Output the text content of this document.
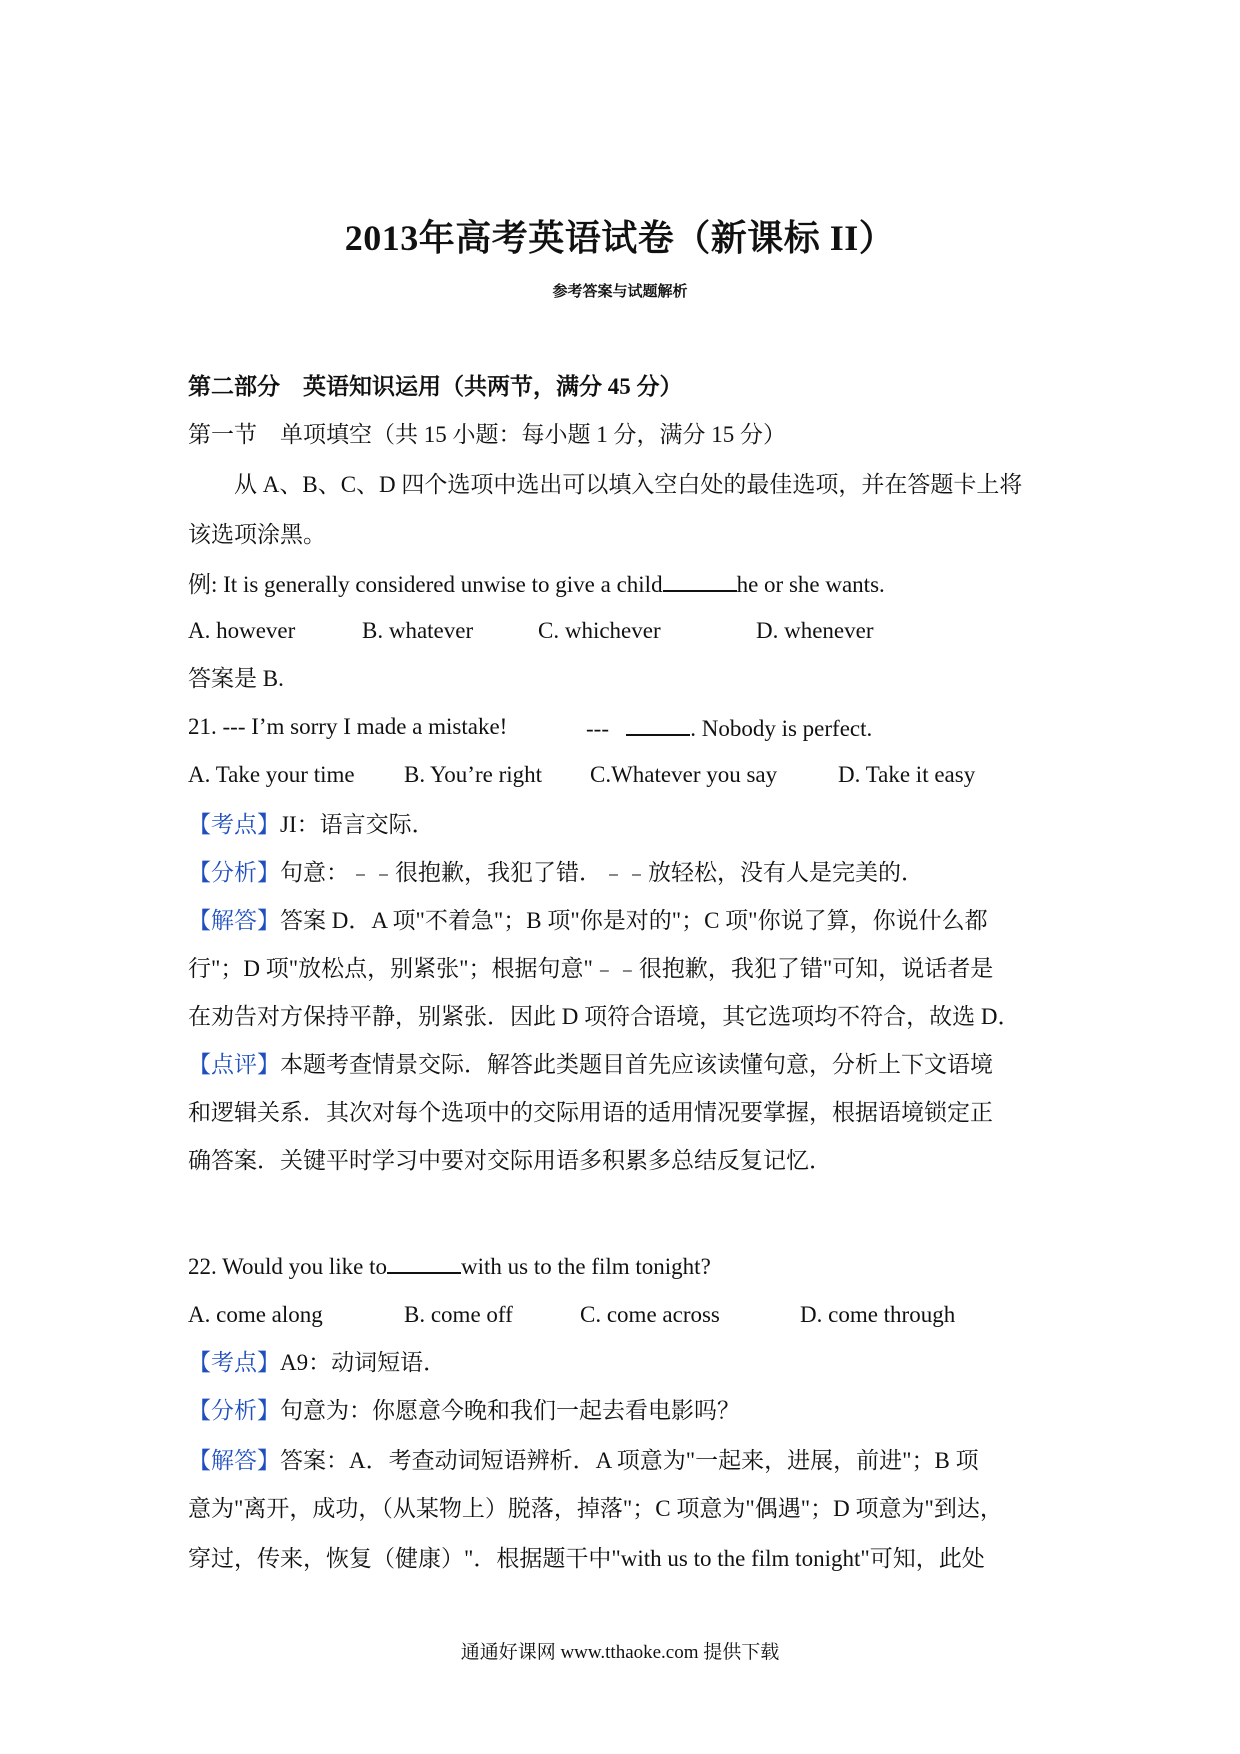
2013年高考英语试卷（新课标 II）
参考答案与试题解析
第二部分　英语知识运用（共两节，满分 45 分）
第一节　单项填空（共 15 小题：每小题 1 分，满分 15 分）
从 A、B、C、D 四个选项中选出可以填入空白处的最佳选项，并在答题卡上将
该选项涂黑。
例: It is generally considered unwise to give a child	he or she wants.
A. however	B. whatever	C. whichever	D. whenever
答案是 B.
21. --- I’m sorry I made a mistake!	---	. Nobody is perfect.
A. Take your time B. You’re right C.Whatever you say	D. Take it easy
【考点】JI：语言交际．
【分析】句意：﹣﹣很抱歉，我犯了错．﹣﹣放轻松，没有人是完美的．
【解答】答案 D．A 项"不着急"；B 项"你是对的"；C 项"你说了算，你说什么都
行"；D 项"放松点，别紧张"；根据句意"﹣﹣很抱歉，我犯了错"可知，说话者是
在劝告对方保持平静，别紧张．因此 D 项符合语境，其它选项均不符合，故选 D．
【点评】本题考查情景交际．解答此类题目首先应该读懂句意，分析上下文语境
和逻辑关系．其次对每个选项中的交际用语的适用情况要掌握，根据语境锁定正
确答案．关键平时学习中要对交际用语多积累多总结反复记忆．
22. Would you like to	with us to the film tonight?
A. come along	B. come off	C. come across	D. come through
【考点】A9：动词短语．
【分析】句意为：你愿意今晚和我们一起去看电影吗？
【解答】答案：A．考查动词短语辨析．A 项意为"一起来，进展，前进"；B 项
意为"离开，成功，（从某物上）脱落，掉落"；C 项意为"偶遇"；D 项意为"到达，
穿过，传来，恢复（健康）"．根据题干中"with us to the film tonight"可知，此处
通通好课网 www.tthaoke.com 提供下载
